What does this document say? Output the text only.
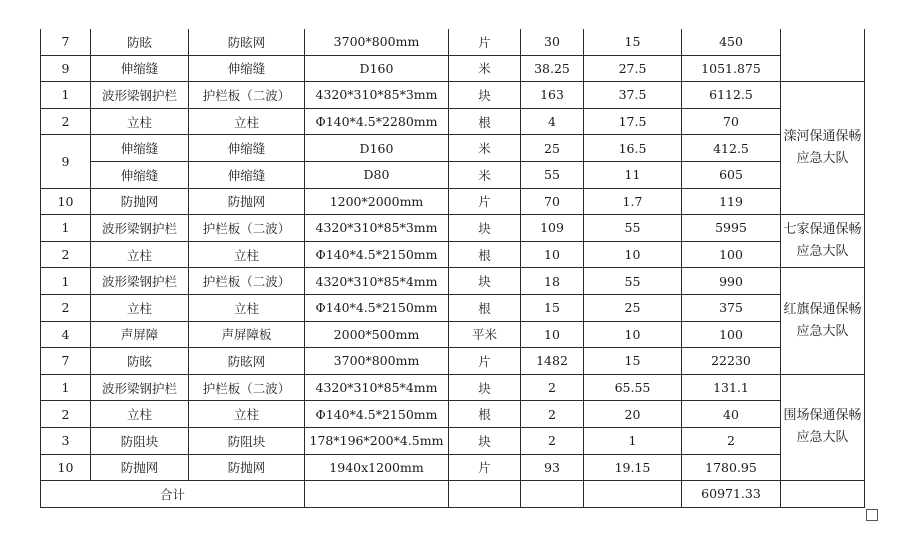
7	防眩	防眩网	3700*800mm	片	30	15	450	
9	伸缩缝	伸缩缝	D160	米	38.25	27.5	1051.875	
1	波形梁钢护栏	护栏板（二波）	4320*310*85*3mm	块	163	37.5	6112.5	滦河保通保畅应急大队
2	立柱	立柱	Φ140*4.5*2280mm	根	4	17.5	70	
9	伸缩缝	伸缩缝	D160	米	25	16.5	412.5	
	伸缩缝	伸缩缝	D80	米	55	11	605	
10	防抛网	防抛网	1200*2000mm	片	70	1.7	119	
1	波形梁钢护栏	护栏板（二波）	4320*310*85*3mm	块	109	55	5995	七家保通保畅应急大队
2	立柱	立柱	Φ140*4.5*2150mm	根	10	10	100	
1	波形梁钢护栏	护栏板（二波）	4320*310*85*4mm	块	18	55	990	红旗保通保畅应急大队
2	立柱	立柱	Φ140*4.5*2150mm	根	15	25	375	
4	声屏障	声屏障板	2000*500mm	平米	10	10	100	
7	防眩	防眩网	3700*800mm	片	1482	15	22230	
1	波形梁钢护栏	护栏板（二波）	4320*310*85*4mm	块	2	65.55	131.1	围场保通保畅应急大队
2	立柱	立柱	Φ140*4.5*2150mm	根	2	20	40	
3	防阻块	防阻块	178*196*200*4.5mm	块	2	1	2	
10	防抛网	防抛网	1940x1200mm	片	93	19.15	1780.95	
合计							60971.33	
